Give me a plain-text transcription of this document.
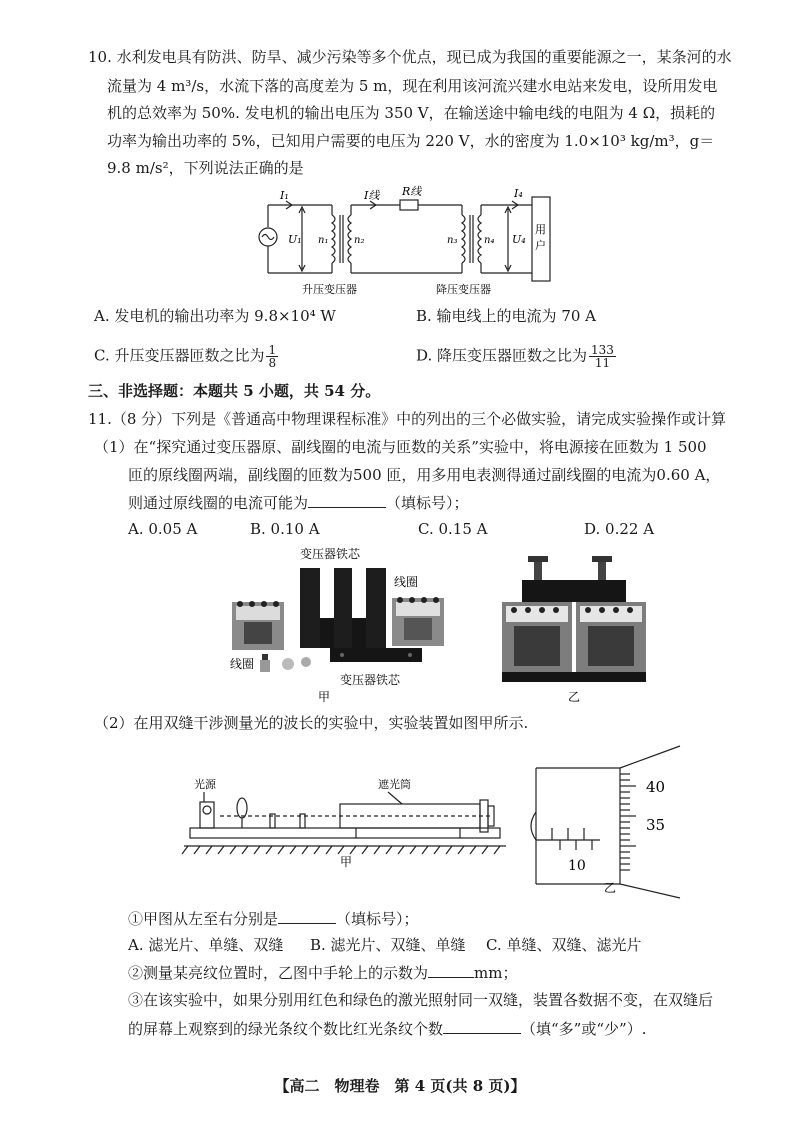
10. 水利发电具有防洪、防旱、减少污染等多个优点，现已成为我国的重要能源之一，某条河的水
流量为 4 m³/s，水流下落的高度差为 5 m，现在利用该河流兴建水电站来发电，设所用发电
机的总效率为 50%. 发电机的输出电压为 350 V，在输送途中输电线的电阻为 4 Ω，损耗的
功率为输出功率的 5%，已知用户需要的电压为 220 V，水的密度为 1.0×10³ kg/m³，g＝
9.8 m/s²，下列说法正确的是
I₁	I线 R线	I₄
U₁ n₁	n₂	n₃	n₄ U₄
用
户
升压变压器	降压变压器
A. 发电机的输出功率为 9.8×10⁴ W	B. 输电线上的电流为 70 A
C. 升压变压器匝数之比为 $\frac{1}{8}$	D. 降压变压器匝数之比为 $\frac{133}{11}$
三、非选择题：本题共 5 小题，共 54 分。
11.（8 分）下列是《普通高中物理课程标准》中的列出的三个必做实验，请完成实验操作或计算
（1）在“探究通过变压器原、副线圈的电流与匝数的关系”实验中，将电源接在匝数为 1 500
匝的原线圈两端，副线圈的匝数为500 匝，用多用电表测得通过副线圈的电流为0.60 A，
则通过原线圈的电流可能为	（填标号）；
A. 0.05 A	B. 0.10 A	C. 0.15 A	D. 0.22 A
变压器铁芯
线圈
线圈
变压器铁芯
甲	乙
（2）在用双缝干涉测量光的波长的实验中，实验装置如图甲所示.
光源	遮光筒
甲
40
35
10
乙
①甲图从左至右分别是	（填标号）；
A. 滤光片、单缝、双缝 B. 滤光片、双缝、单缝 C. 单缝、双缝、滤光片
②测量某亮纹位置时，乙图中手轮上的示数为	mm；
③在该实验中，如果分别用红色和绿色的激光照射同一双缝，装置各数据不变，在双缝后
的屏幕上观察到的绿光条纹个数比红光条纹个数	（填“多”或“少”）.
【高二　物理卷　第 4 页(共 8 页)】
